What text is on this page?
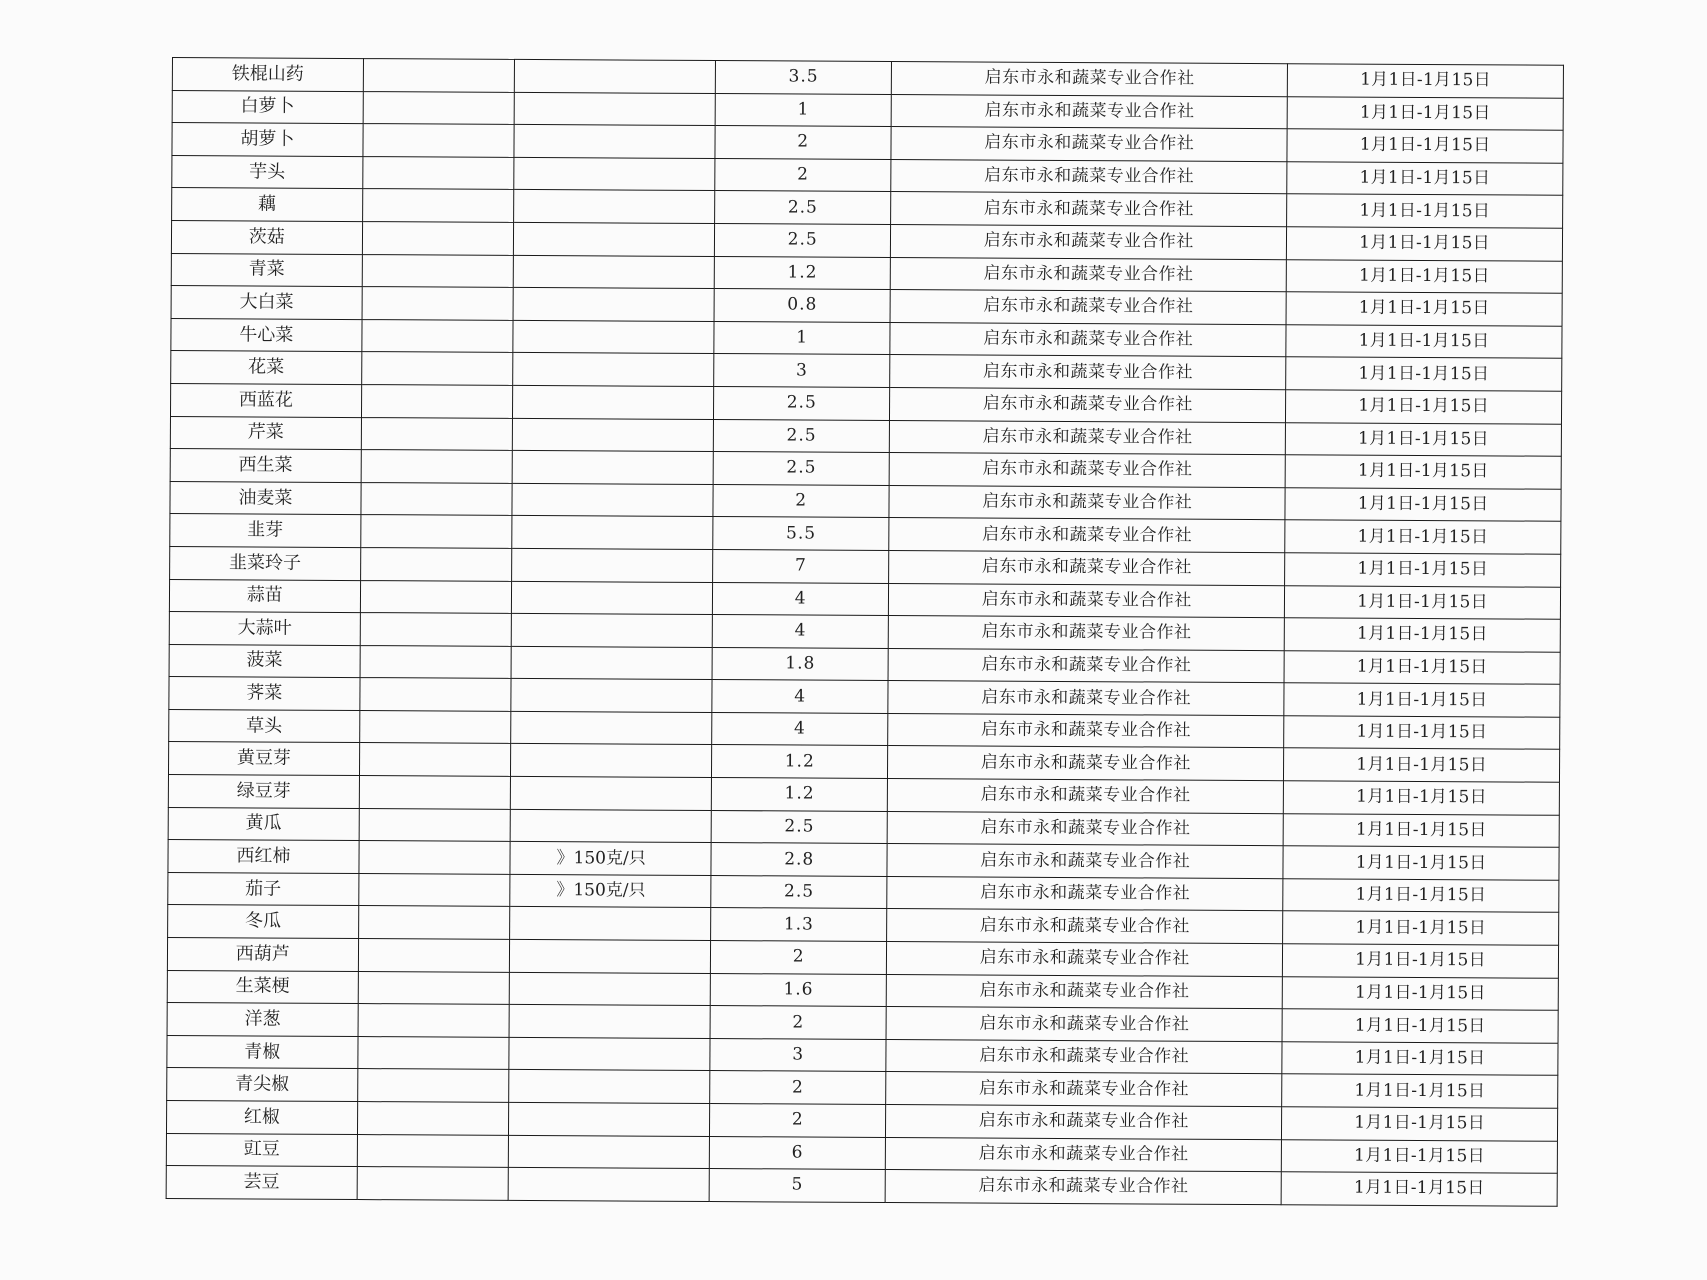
铁棍山药			3.5	启东市永和蔬菜专业合作社	1月1日-1月15日
白萝卜			1	启东市永和蔬菜专业合作社	1月1日-1月15日
胡萝卜			2	启东市永和蔬菜专业合作社	1月1日-1月15日
芋头			2	启东市永和蔬菜专业合作社	1月1日-1月15日
藕			2.5	启东市永和蔬菜专业合作社	1月1日-1月15日
茨菇			2.5	启东市永和蔬菜专业合作社	1月1日-1月15日
青菜			1.2	启东市永和蔬菜专业合作社	1月1日-1月15日
大白菜			0.8	启东市永和蔬菜专业合作社	1月1日-1月15日
牛心菜			1	启东市永和蔬菜专业合作社	1月1日-1月15日
花菜			3	启东市永和蔬菜专业合作社	1月1日-1月15日
西蓝花			2.5	启东市永和蔬菜专业合作社	1月1日-1月15日
芹菜			2.5	启东市永和蔬菜专业合作社	1月1日-1月15日
西生菜			2.5	启东市永和蔬菜专业合作社	1月1日-1月15日
油麦菜			2	启东市永和蔬菜专业合作社	1月1日-1月15日
韭芽			5.5	启东市永和蔬菜专业合作社	1月1日-1月15日
韭菜玲子			7	启东市永和蔬菜专业合作社	1月1日-1月15日
蒜苗			4	启东市永和蔬菜专业合作社	1月1日-1月15日
大蒜叶			4	启东市永和蔬菜专业合作社	1月1日-1月15日
菠菜			1.8	启东市永和蔬菜专业合作社	1月1日-1月15日
荠菜			4	启东市永和蔬菜专业合作社	1月1日-1月15日
草头			4	启东市永和蔬菜专业合作社	1月1日-1月15日
黄豆芽			1.2	启东市永和蔬菜专业合作社	1月1日-1月15日
绿豆芽			1.2	启东市永和蔬菜专业合作社	1月1日-1月15日
黄瓜			2.5	启东市永和蔬菜专业合作社	1月1日-1月15日
西红柿		》150克/只	2.8	启东市永和蔬菜专业合作社	1月1日-1月15日
茄子		》150克/只	2.5	启东市永和蔬菜专业合作社	1月1日-1月15日
冬瓜			1.3	启东市永和蔬菜专业合作社	1月1日-1月15日
西葫芦			2	启东市永和蔬菜专业合作社	1月1日-1月15日
生菜梗			1.6	启东市永和蔬菜专业合作社	1月1日-1月15日
洋葱			2	启东市永和蔬菜专业合作社	1月1日-1月15日
青椒			3	启东市永和蔬菜专业合作社	1月1日-1月15日
青尖椒			2	启东市永和蔬菜专业合作社	1月1日-1月15日
红椒			2	启东市永和蔬菜专业合作社	1月1日-1月15日
豇豆			6	启东市永和蔬菜专业合作社	1月1日-1月15日
芸豆			5	启东市永和蔬菜专业合作社	1月1日-1月15日
